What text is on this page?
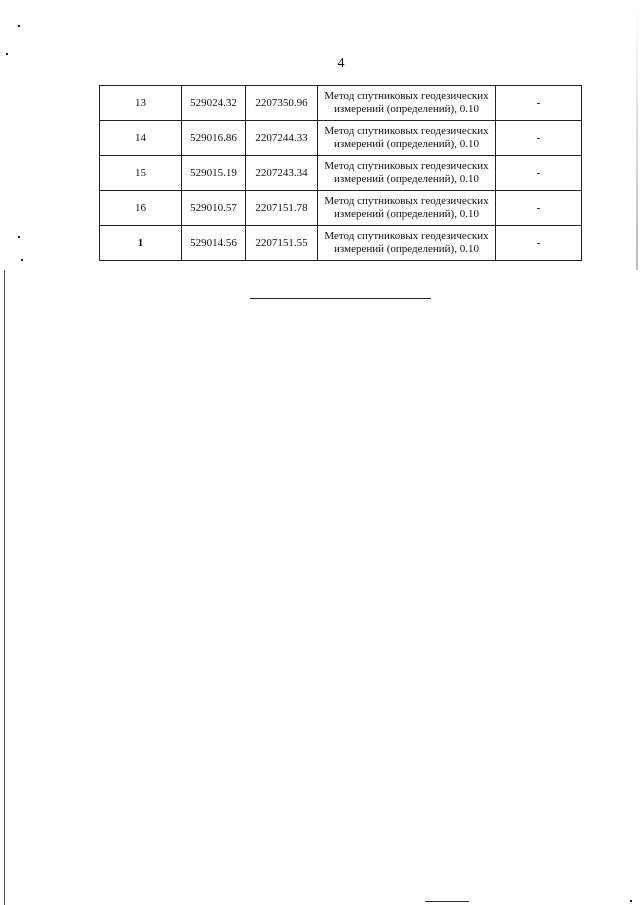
4
13	529024.32	2207350.96	Метод спутниковых геодезических
измерений (определений), 0.10	-
14	529016.86	2207244.33	Метод спутниковых геодезических
измерений (определений), 0.10	-
15	529015.19	2207243.34	Метод спутниковых геодезических
измерений (определений), 0.10	-
16	529010.57	2207151.78	Метод спутниковых геодезических
измерений (определений), 0.10	-
1	529014.56	2207151.55	Метод спутниковых геодезических
измерений (определений), 0.10	-
